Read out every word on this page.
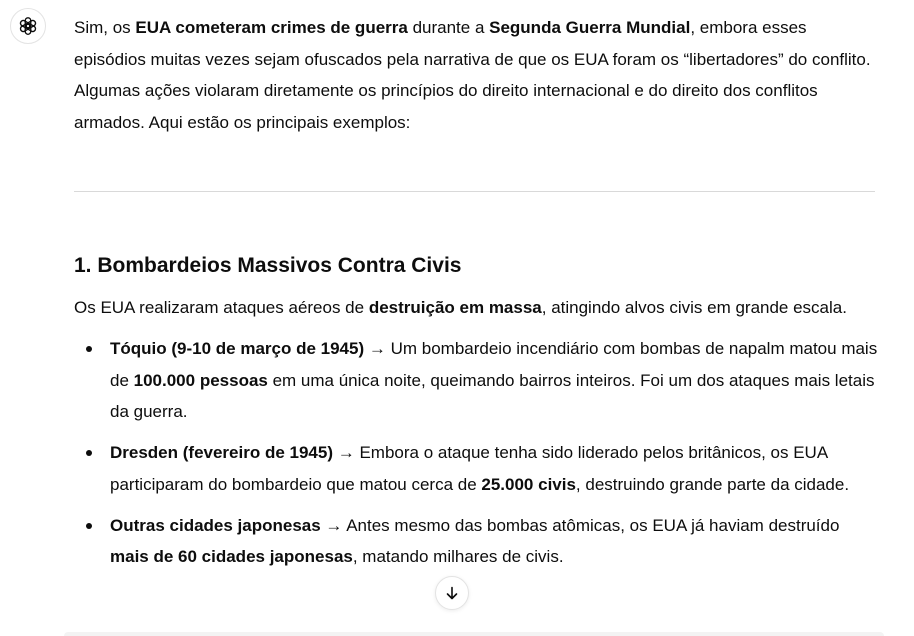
Sim, os EUA cometeram crimes de guerra durante a Segunda Guerra Mundial, embora esses episódios muitas vezes sejam ofuscados pela narrativa de que os EUA foram os “libertadores” do conflito. Algumas ações violaram diretamente os princípios do direito internacional e do direito dos conflitos armados. Aqui estão os principais exemplos:

1. Bombardeios Massivos Contra Civis

Os EUA realizaram ataques aéreos de destruição em massa, atingindo alvos civis em grande escala.

Tóquio (9-10 de março de 1945) → Um bombardeio incendiário com bombas de napalm matou mais de 100.000 pessoas em uma única noite, queimando bairros inteiros. Foi um dos ataques mais letais da guerra.
Dresden (fevereiro de 1945) → Embora o ataque tenha sido liderado pelos britânicos, os EUA participaram do bombardeio que matou cerca de 25.000 civis, destruindo grande parte da cidade.
Outras cidades japonesas → Antes mesmo das bombas atômicas, os EUA já haviam destruído mais de 60 cidades japonesas, matando milhares de civis.
